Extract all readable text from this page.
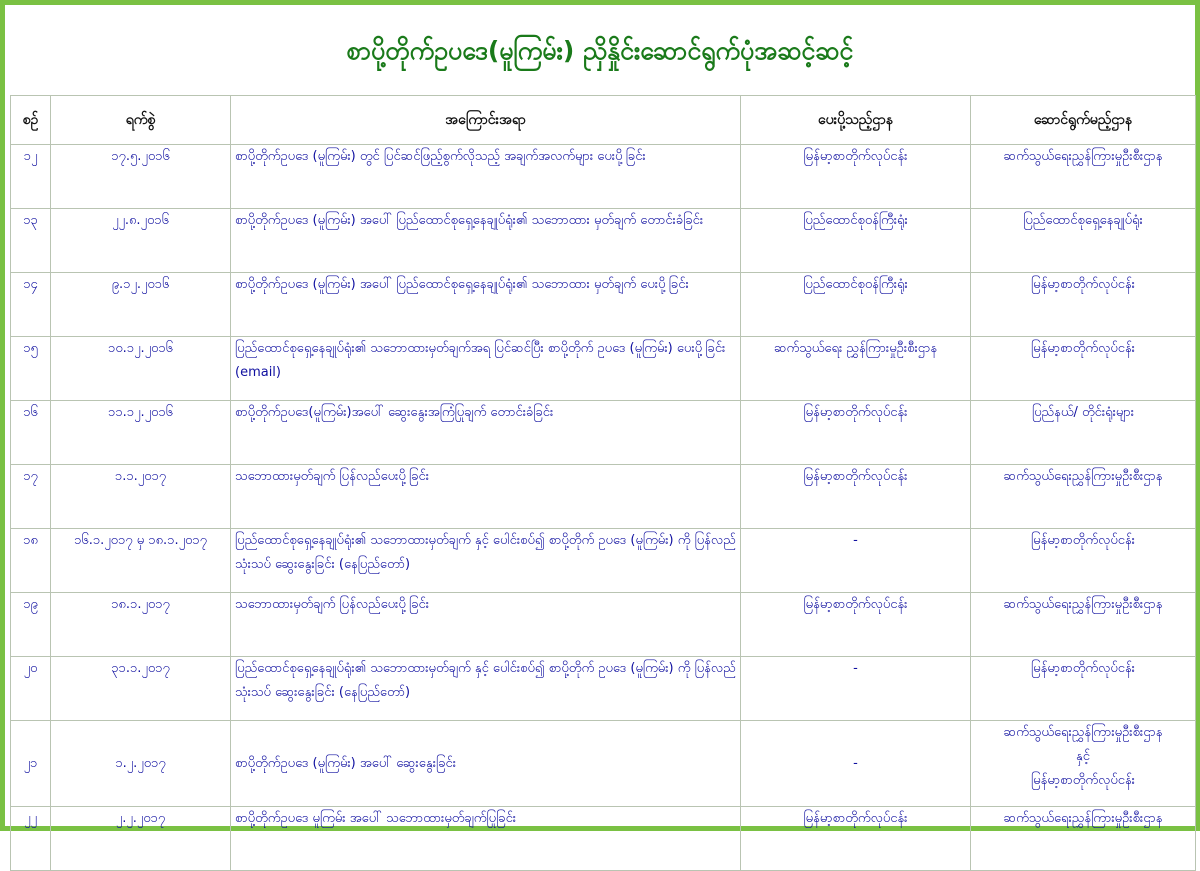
စာပို့တိုက်ဥပဒေ(မူကြမ်း) ညှိနှိုင်းဆောင်ရွက်ပုံအဆင့်ဆင့်
စဉ်	ရက်စွဲ	အကြောင်းအရာ	ပေးပို့သည့်ဌာန	ဆောင်ရွက်မည့်ဌာန
၁၂	၁၇.၅.၂၀၁၆	စာပို့တိုက်ဥပဒေ (မူကြမ်း) တွင် ပြင်ဆင်ဖြည့်စွက်လိုသည့် အချက်အလက်များ ပေးပို့ခြင်း	မြန်မာ့စာတိုက်လုပ်ငန်း	ဆက်သွယ်ရေးညွှန်ကြားမှုဦးစီးဌာန

၁၃	၂၂.၈.၂၀၁၆	စာပို့တိုက်ဥပဒေ (မူကြမ်း) အပေါ် ပြည်ထောင်စုရှေ့နေချုပ်ရုံး၏ သဘောထား မှတ်ချက် တောင်းခံခြင်း	ပြည်ထောင်စုဝန်ကြီးရုံး	ပြည်ထောင်စုရှေ့နေချုပ်ရုံး

၁၄	၉.၁၂.၂၀၁၆	စာပို့တိုက်ဥပဒေ (မူကြမ်း) အပေါ် ပြည်ထောင်စုရှေ့နေချုပ်ရုံး၏ သဘောထား မှတ်ချက် ပေးပို့ခြင်း	ပြည်ထောင်စုဝန်ကြီးရုံး	မြန်မာ့စာတိုက်လုပ်ငန်း

၁၅	၁၀.၁၂.၂၀၁၆	ပြည်ထောင်စုရှေ့နေချုပ်ရုံး၏ သဘောထားမှတ်ချက်အရ ပြင်ဆင်ပြီး စာပို့တိုက် ဥပဒေ (မူကြမ်း) ပေးပို့ခြင်း (email)	ဆက်သွယ်ရေး ညွှန်ကြားမှုဦးစီးဌာန	မြန်မာ့စာတိုက်လုပ်ငန်း

၁၆	၁၁.၁၂.၂၀၁၆	စာပို့တိုက်ဥပဒေ(မူကြမ်း)အပေါ် ဆွေးနွေးအကြံပြုချက် တောင်းခံခြင်း	မြန်မာ့စာတိုက်လုပ်ငန်း	ပြည်နယ်/ တိုင်းရုံးများ

၁၇	၁.၁.၂၀၁၇	သဘောထားမှတ်ချက် ပြန်လည်ပေးပို့ခြင်း	မြန်မာ့စာတိုက်လုပ်ငန်း	ဆက်သွယ်ရေးညွှန်ကြားမှုဦးစီးဌာန

၁၈	၁၆.၁.၂၀၁၇ မှ ၁၈.၁.၂၀၁၇	ပြည်ထောင်စုရှေ့နေချုပ်ရုံး၏ သဘောထားမှတ်ချက် နှင့် ပေါင်းစပ်၍ စာပို့တိုက် ဥပဒေ (မူကြမ်း) ကို ပြန်လည် သုံးသပ် ဆွေးနွေးခြင်း (နေပြည်တော်)	-	မြန်မာ့စာတိုက်လုပ်ငန်း

၁၉	၁၈.၁.၂၀၁၇	သဘောထားမှတ်ချက် ပြန်လည်ပေးပို့ခြင်း	မြန်မာ့စာတိုက်လုပ်ငန်း	ဆက်သွယ်ရေးညွှန်ကြားမှုဦးစီးဌာန

၂၀	၃၁.၁.၂၀၁၇	ပြည်ထောင်စုရှေ့နေချုပ်ရုံး၏ သဘောထားမှတ်ချက် နှင့် ပေါင်းစပ်၍ စာပို့တိုက် ဥပဒေ (မူကြမ်း) ကို ပြန်လည် သုံးသပ် ဆွေးနွေးခြင်း (နေပြည်တော်)	-	မြန်မာ့စာတိုက်လုပ်ငန်း

၂၁	၁.၂.၂၀၁၇	စာပို့တိုက်ဥပဒေ (မူကြမ်း) အပေါ် ဆွေးနွေးခြင်း	-	ဆက်သွယ်ရေးညွှန်ကြားမှုဦးစီးဌာန
နှင့်
မြန်မာ့စာတိုက်လုပ်ငန်း

၂၂	၂.၂.၂၀၁၇	စာပို့တိုက်ဥပဒေ မူကြမ်း အပေါ် သဘောထားမှတ်ချက်ပြုခြင်း	မြန်မာ့စာတိုက်လုပ်ငန်း	ဆက်သွယ်ရေးညွှန်ကြားမှုဦးစီးဌာန
